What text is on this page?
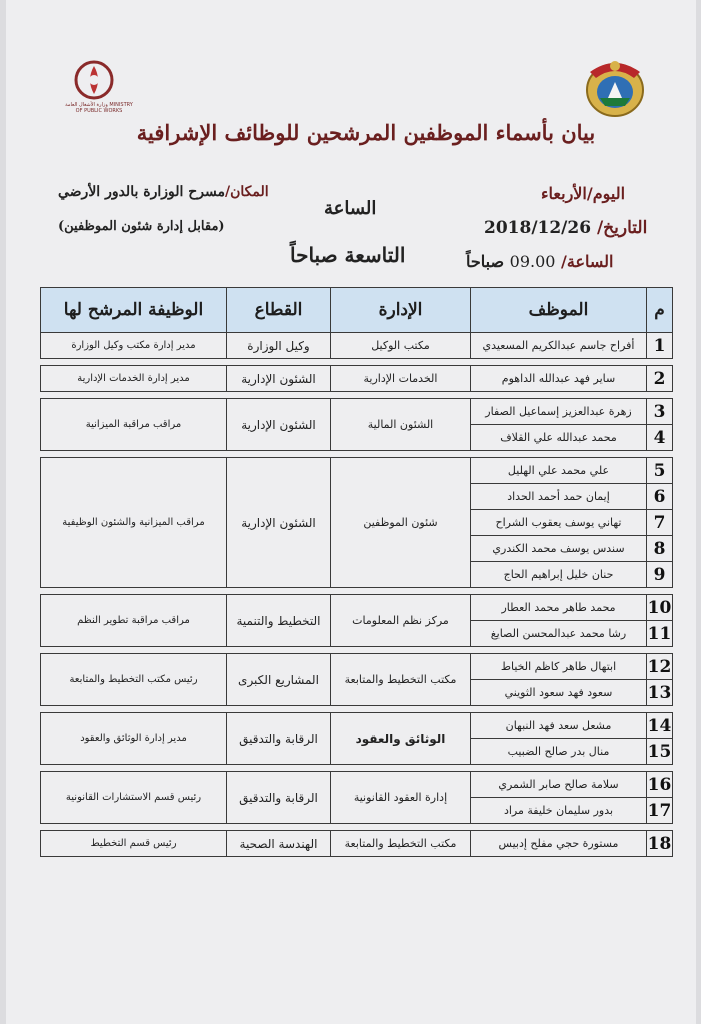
وزارة الأشغال العامة MINISTRY OF PUBLIC WORKS
بيان بأسماء الموظفين المرشحين للوظائف الإشرافية
اليوم/الأربعاء
التاريخ/ 2018/12/26
الساعة/ 09.00 صباحاً
الساعة
التاسعة صباحاً
المكان/مسرح الوزارة بالدور الأرضي
(مقابل إدارة شئون الموظفين)
م	الموظف	الإدارة	القطاع	الوظيفة المرشح لها
1	أفراح جاسم عبدالكريم المسعيدي	مكتب الوكيل	وكيل الوزارة	مدير إدارة مكتب وكيل الوزارة

2	ساير فهد عبدالله الداهوم	الخدمات الإدارية	الشئون الإدارية	مدير إدارة الخدمات الإدارية

3	زهرة عبدالعزيز إسماعيل الصفار	الشئون المالية	الشئون الإدارية	مراقب مراقبة الميزانية
4	محمد عبدالله علي القلاف			

5	علي محمد علي الهليل	شئون الموظفين	الشئون الإدارية	مراقب الميزانية والشئون الوظيفية
6	إيمان حمد أحمد الحداد			
7	تهاني يوسف يعقوب الشراح			
8	سندس يوسف محمد الكندري			
9	حنان خليل إبراهيم الحاج			

10	محمد طاهر محمد العطار	مركز نظم المعلومات	التخطيط والتنمية	مراقب مراقبة تطوير النظم
11	رشا محمد عبدالمحسن الصايغ			

12	ابتهال طاهر كاظم الخياط	مكتب التخطيط والمتابعة	المشاريع الكبرى	رئيس مكتب التخطيط والمتابعة
13	سعود فهد سعود الثويني			

14	مشعل سعد فهد النبهان	الوثائق والعقود	الرقابة والتدقيق	مدير إدارة الوثائق والعقود
15	منال بدر صالح الضبيب			

16	سلامة صالح صابر الشمري	إدارة العقود القانونية	الرقابة والتدقيق	رئيس قسم الاستشارات القانونية
17	بدور سليمان خليفة مراد			

18	مستورة حجي مفلح إدبيس	مكتب التخطيط والمتابعة	الهندسة الصحية	رئيس قسم التخطيط
